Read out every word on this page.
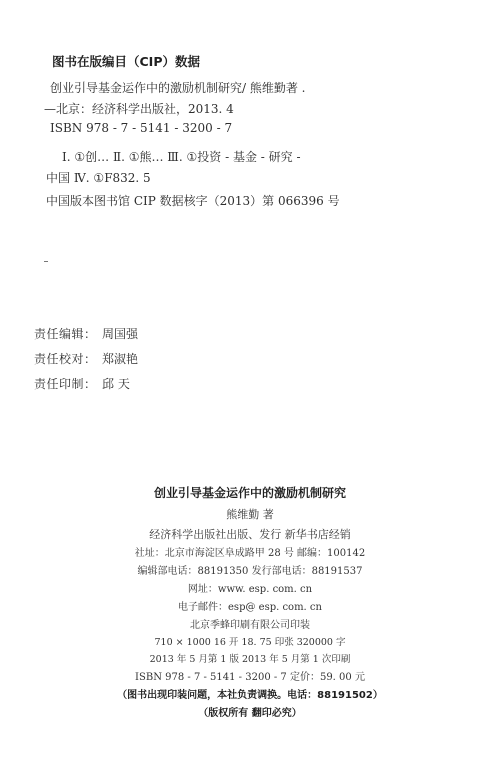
图书在版编目（CIP）数据
创业引导基金运作中的激励机制研究/ 熊维勤著 .
—北京：经济科学出版社，2013. 4
ISBN 978 - 7 - 5141 - 3200 - 7
Ⅰ. ①创… Ⅱ. ①熊… Ⅲ. ①投资 - 基金 - 研究 -
中国 Ⅳ. ①F832. 5
中国版本图书馆 CIP 数据核字（2013）第 066396 号
责任编辑： 周国强
责任校对： 郑淑艳
责任印制： 邱 天
创业引导基金运作中的激励机制研究
熊维勤 著
经济科学出版社出版、发行 新华书店经销
社址：北京市海淀区阜成路甲 28 号 邮编：100142
编辑部电话：88191350 发行部电话：88191537
网址：www. esp. com. cn
电子邮件：esp@ esp. com. cn
北京季蜂印刷有限公司印装
710 × 1000 16 开 18. 75 印张 320000 字
2013 年 5 月第 1 版 2013 年 5 月第 1 次印刷
ISBN 978 - 7 - 5141 - 3200 - 7 定价：59. 00 元
（图书出现印装问题，本社负责调换。电话：88191502）
（版权所有 翻印必究）
